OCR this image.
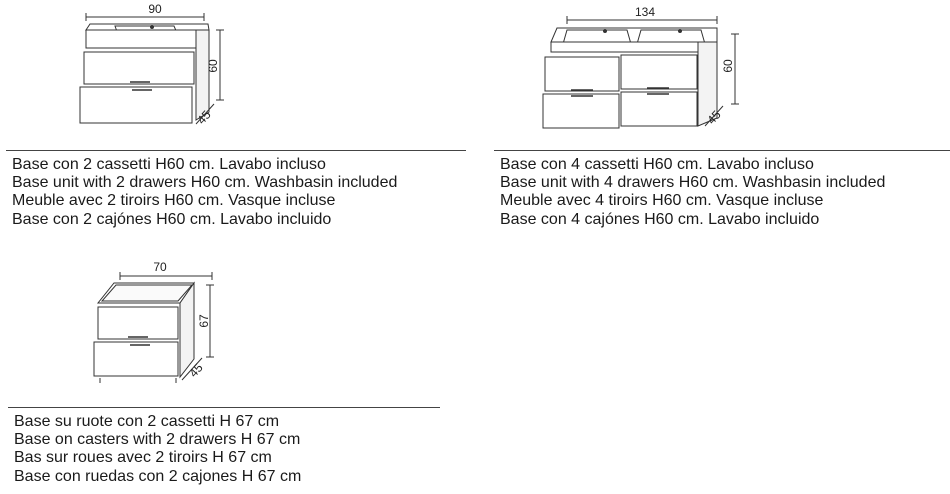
90
60
45
Base con 2 cassetti H60 cm. Lavabo incluso
Base unit with 2 drawers H60 cm. Washbasin included
Meuble avec 2 tiroirs H60 cm. Vasque incluse
Base con 2 cajónes H60 cm. Lavabo incluido
134
60
45
Base con 4 cassetti H60 cm. Lavabo incluso
Base unit with 4 drawers H60 cm. Washbasin included
Meuble avec 4 tiroirs H60 cm. Vasque incluse
Base con 4 cajónes H60 cm. Lavabo incluido
70
67
45
Base su ruote con 2 cassetti H 67 cm
Base on casters with 2 drawers H 67 cm
Bas sur roues avec 2 tiroirs H 67 cm
Base con ruedas con 2 cajones H 67 cm
